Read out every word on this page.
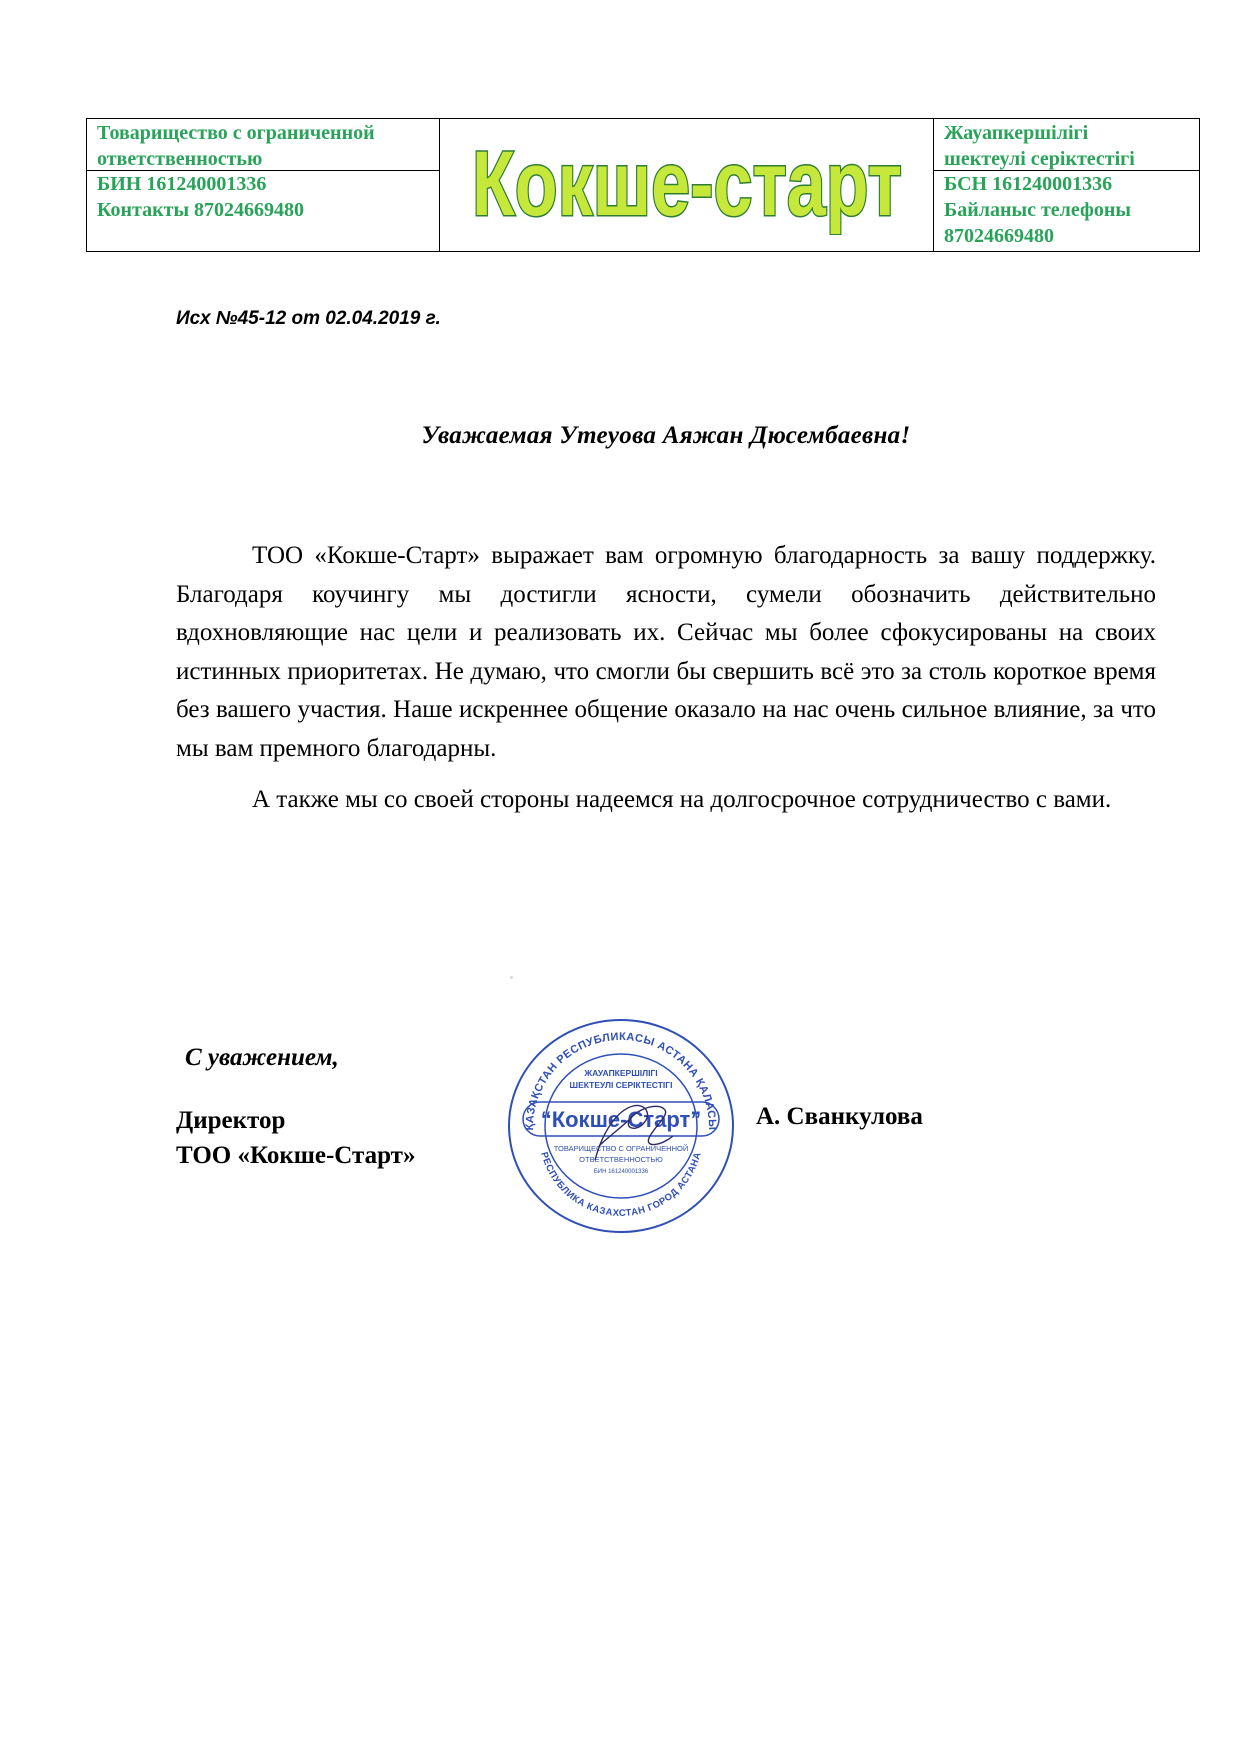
Товарищество с ограниченной
ответственностью
БИН 161240001336
Контакты 87024669480	Кокше-старт Жауапкершілігі
шектеулі серіктестігі
БСН 161240001336
Байланыс телефоны
87024669480
Исх №45-12 от 02.04.2019 г.
Уважаемая Утеуова Аяжан Дюсембаевна!

ТОО «Кокше-Старт» выражает вам огромную благодарность за вашу поддержку. Благодаря коучингу мы достигли ясности, сумели обозначить действительно вдохновляющие нас цели и реализовать их. Сейчас мы более сфокусированы на своих истинных приоритетах. Не думаю, что смогли бы свершить всё это за столь короткое время без вашего участия. Наше искреннее общение оказало на нас очень сильное влияние, за что мы вам премного благодарны.

А также мы со своей стороны надеемся на долгосрочное сотрудничество с вами.

С уважением,
Директор
ТОО «Кокше-Старт»
А. Сванкулова
ҚАЗАҚСТАН РЕСПУБЛИКАСЫ АСТАНА ҚАЛАСЫ
РЕСПУБЛИКА КАЗАХСТАН ГОРОД АСТАНА
ЖАУАПКЕРШІЛІГІ
ШЕКТЕУЛІ СЕРІКТЕСТІГІ
“Кокше-Старт”
ТОВАРИЩЕСТВО С ОГРАНИЧЕННОЙ
ОТВЕТСТВЕННОСТЬЮ
БИН 161240001336
